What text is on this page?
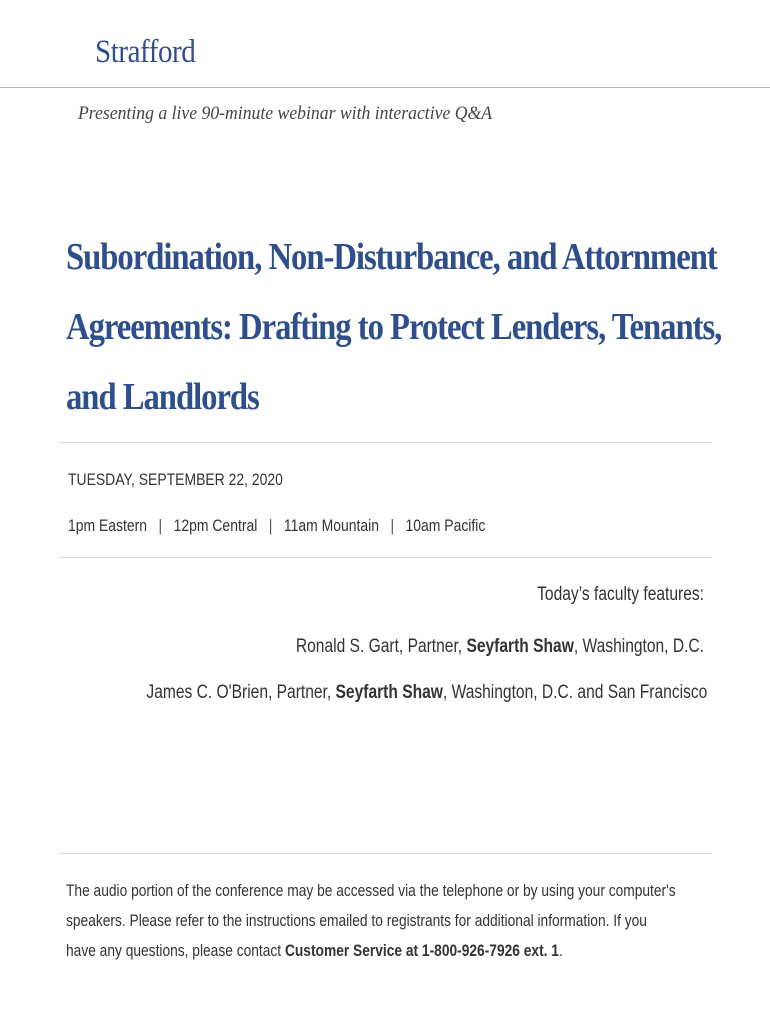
Strafford
Presenting a live 90-minute webinar with interactive Q&A
Subordination, Non-Disturbance, and Attornment
Agreements: Drafting to Protect Lenders, Tenants,
and Landlords
TUESDAY, SEPTEMBER 22, 2020
1pm Eastern | 12pm Central | 11am Mountain | 10am Pacific
Today’s faculty features:
Ronald S. Gart, Partner, Seyfarth Shaw, Washington, D.C.
James C. O'Brien, Partner, Seyfarth Shaw, Washington, D.C. and San Francisco
The audio portion of the conference may be accessed via the telephone or by using your computer's
speakers. Please refer to the instructions emailed to registrants for additional information. If you
have any questions, please contact Customer Service at 1-800-926-7926 ext. 1.
